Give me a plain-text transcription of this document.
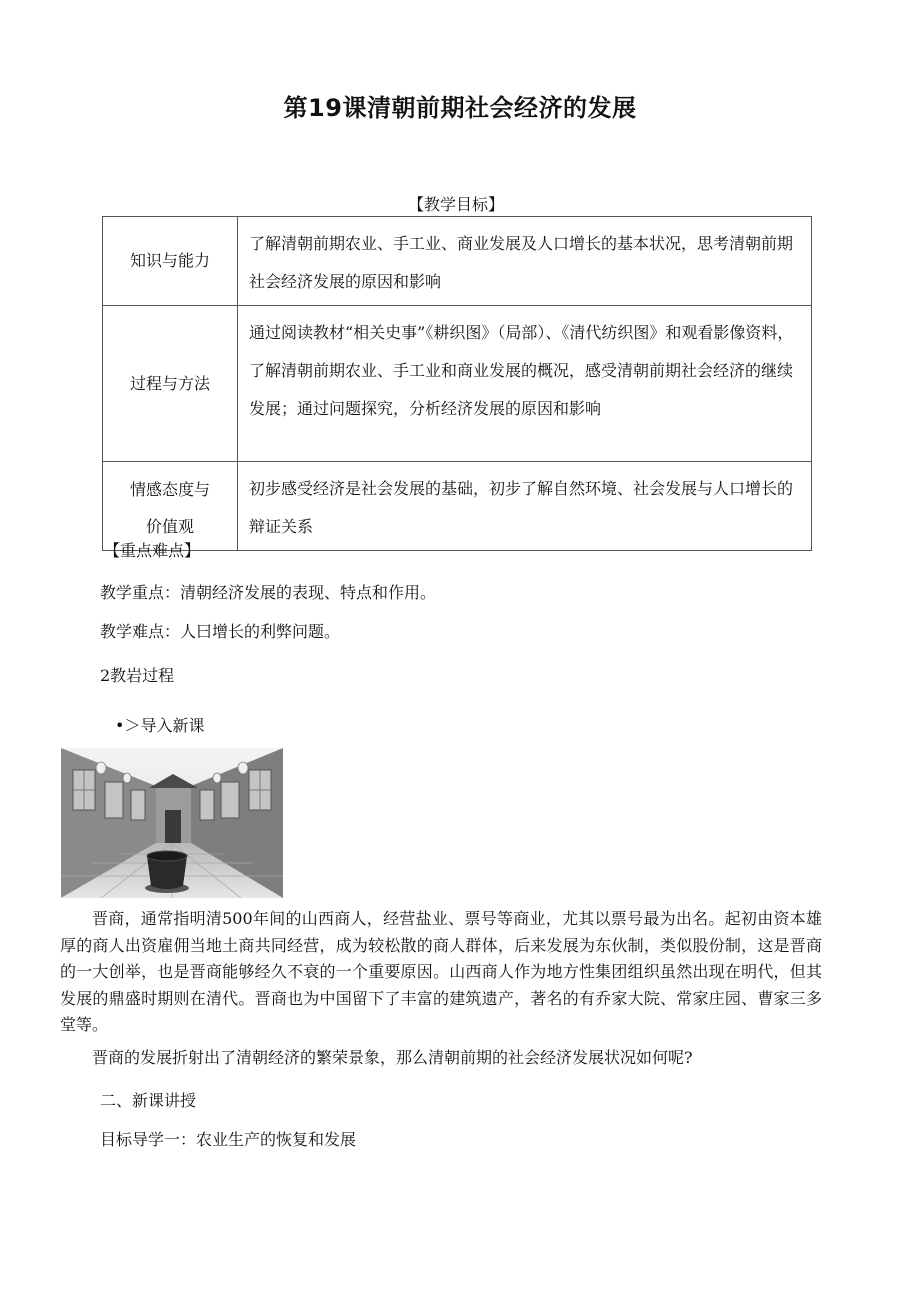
第19课清朝前期社会经济的发展
【教学目标】
知识与能力	了解清朝前期农业、手工业、商业发展及人口增长的基本状况，思考清朝前期社会经济发展的原因和影响
过程与方法	通过阅读教材“相关史事”《耕织图》（局部）、《清代纺织图》和观看影像资料，了解清朝前期农业、手工业和商业发展的概况，感受清朝前期社会经济的继续发展；通过问题探究，分析经济发展的原因和影响

情感态度与价值观	初步感受经济是社会发展的基础，初步了解自然环境、社会发展与人口增长的辩证关系
【重点难点】
教学重点：清朝经济发展的表现、特点和作用。
教学难点：人曰增长的利弊问题。
2教岩过程
•＞导入新课

晋商，通常指明清500年间的山西商人，经营盐业、票号等商业，尤其以票号最为出名。起初由资本雄厚的商人出资雇佣当地土商共同经营，成为较松散的商人群体，后来发展为东伙制，类似股份制，这是晋商的一大创举，也是晋商能够经久不衰的一个重要原因。山西商人作为地方性集团组织虽然出现在明代，但其发展的鼎盛时期则在清代。晋商也为中国留下了丰富的建筑遗产，著名的有乔家大院、常家庄园、曹家三多堂等。

晋商的发展折射出了清朝经济的繁荣景象，那么清朝前期的社会经济发展状况如何呢?

二、新课讲授
目标导学一：农业生产的恢复和发展
